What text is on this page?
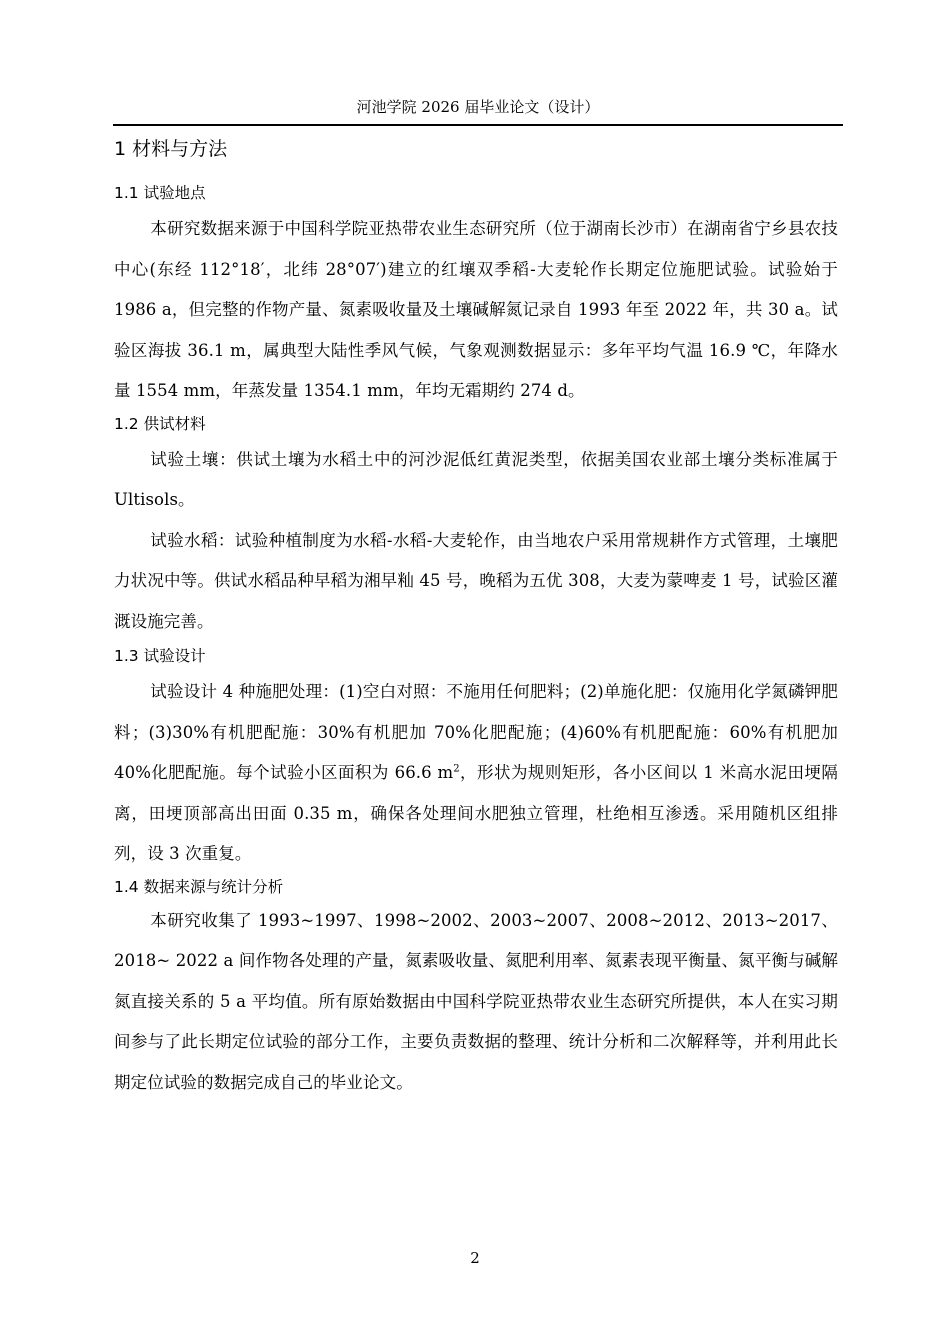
河池学院 2026 届毕业论文（设计）
1 材料与方法
1.1 试验地点

本研究数据来源于中国科学院亚热带农业生态研究所（位于湖南长沙市）在湖南省宁乡县农技中心(东经 112°18′，北纬 28°07′)建立的红壤双季稻-大麦轮作长期定位施肥试验。试验始于 1986 a，但完整的作物产量、氮素吸收量及土壤碱解氮记录自 1993 年至 2022 年，共 30 a。试验区海拔 36.1 m，属典型大陆性季风气候，气象观测数据显示：多年平均气温 16.9 ℃，年降水量 1554 mm，年蒸发量 1354.1 mm，年均无霜期约 274 d。

1.2 供试材料

试验土壤：供试土壤为水稻土中的河沙泥低红黄泥类型，依据美国农业部土壤分类标准属于 Ultisols。

试验水稻：试验种植制度为水稻-水稻-大麦轮作，由当地农户采用常规耕作方式管理，土壤肥力状况中等。供试水稻品种早稻为湘早籼 45 号，晚稻为五优 308，大麦为蒙啤麦 1 号，试验区灌溉设施完善。

1.3 试验设计

试验设计 4 种施肥处理：(1)空白对照：不施用任何肥料；(2)单施化肥：仅施用化学氮磷钾肥料；(3)30%有机肥配施：30%有机肥加 70%化肥配施；(4)60%有机肥配施：60%有机肥加 40%化肥配施。每个试验小区面积为 66.6 $m^2$，形状为规则矩形，各小区间以 1 米高水泥田埂隔离，田埂顶部高出田面 0.35 m，确保各处理间水肥独立管理，杜绝相互渗透。采用随机区组排列，设 3 次重复。

1.4 数据来源与统计分析

本研究收集了 1993~1997、1998~2002、2003~2007、2008~2012、2013~2017、2018~ 2022 a 间作物各处理的产量，氮素吸收量、氮肥利用率、氮素表现平衡量、氮平衡与碱解氮直接关系的 5 a 平均值。所有原始数据由中国科学院亚热带农业生态研究所提供，本人在实习期间参与了此长期定位试验的部分工作，主要负责数据的整理、统计分析和二次解释等，并利用此长期定位试验的数据完成自己的毕业论文。

2
